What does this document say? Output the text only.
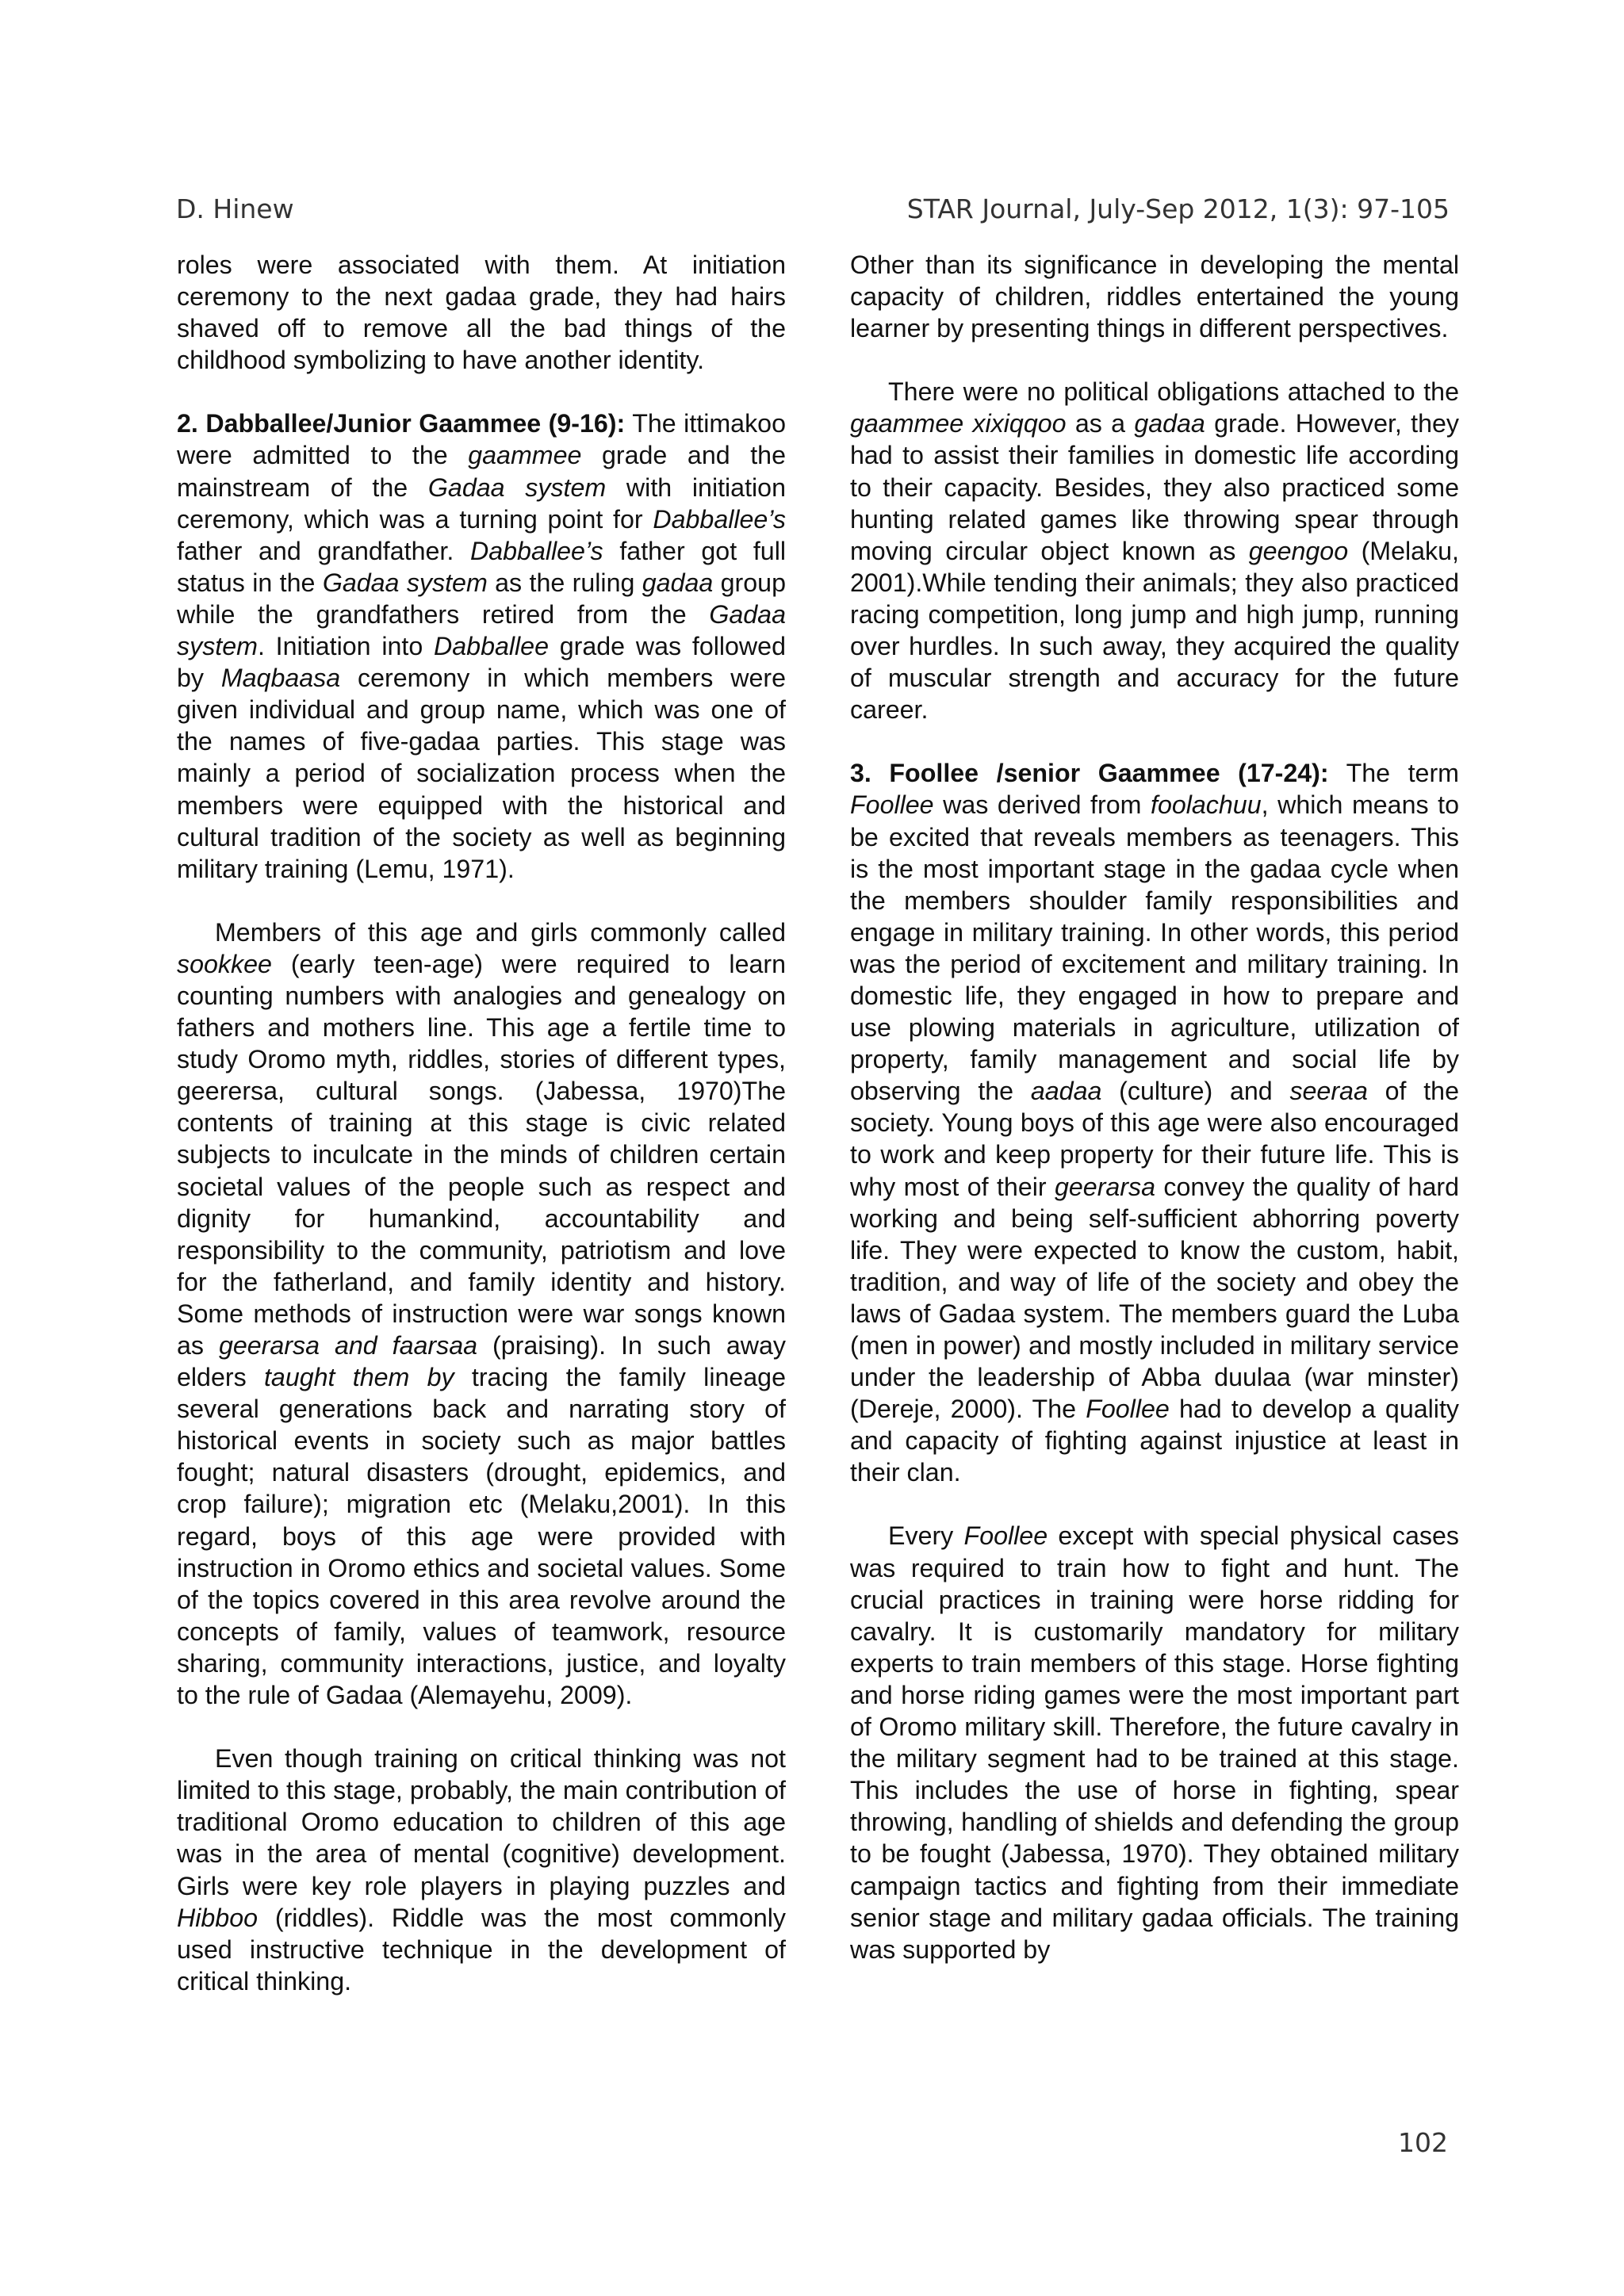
D. Hinew	STAR Journal, July-Sep 2012, 1(3): 97-105

roles were associated with them. At initiation ceremony to the next gadaa grade, they had hairs shaved off to remove all the bad things of the childhood symbolizing to have another identity.

2. Dabballee/Junior Gaammee (9-16): The ittimakoo were admitted to the gaammee grade and the mainstream of the Gadaa system with initiation ceremony, which was a turning point for Dabballee’s father and grandfather. Dabballee’s father got full status in the Gadaa system as the ruling gadaa group while the grandfathers retired from the Gadaa system. Initiation into Dabballee grade was followed by Maqbaasa ceremony in which members were given individual and group name, which was one of the names of five-gadaa parties. This stage was mainly a period of socialization process when the members were equipped with the historical and cultural tradition of the society as well as beginning military training (Lemu, 1971).

Members of this age and girls commonly called sookkee (early teen-age) were required to learn counting numbers with analogies and genealogy on fathers and mothers line. This age a fertile time to study Oromo myth, riddles, stories of different types, geerersa, cultural songs. (Jabessa, 1970)The contents of training at this stage is civic related subjects to inculcate in the minds of children certain societal values of the people such as respect and dignity for humankind, accountability and responsibility to the community, patriotism and love for the fatherland, and family identity and history. Some methods of instruction were war songs known as geerarsa and faarsaa (praising). In such away elders taught them by tracing the family lineage several generations back and narrating story of historical events in society such as major battles fought; natural disasters (drought, epidemics, and crop failure); migration etc (Melaku,2001). In this regard, boys of this age were provided with instruction in Oromo ethics and societal values. Some of the topics covered in this area revolve around the concepts of family, values of teamwork, resource sharing, community interactions, justice, and loyalty to the rule of Gadaa (Alemayehu, 2009).

Even though training on critical thinking was not limited to this stage, probably, the main contribution of traditional Oromo education to children of this age was in the area of mental (cognitive) development. Girls were key role players in playing puzzles and Hibboo (riddles). Riddle was the most commonly used instructive technique in the development of critical thinking.

Other than its significance in developing the mental capacity of children, riddles entertained the young learner by presenting things in different perspectives.

There were no political obligations attached to the gaammee xixiqqoo as a gadaa grade. However, they had to assist their families in domestic life according to their capacity. Besides, they also practiced some hunting related games like throwing spear through moving circular object known as geengoo (Melaku, 2001).While tending their animals; they also practiced racing competition, long jump and high jump, running over hurdles. In such away, they acquired the quality of muscular strength and accuracy for the future career.

3. Foollee /senior Gaammee (17-24): The term Foollee was derived from foolachuu, which means to be excited that reveals members as teenagers. This is the most important stage in the gadaa cycle when the members shoulder family responsibilities and engage in military training. In other words, this period was the period of excitement and military training. In domestic life, they engaged in how to prepare and use plowing materials in agriculture, utilization of property, family management and social life by observing the aadaa (culture) and seeraa of the society. Young boys of this age were also encouraged to work and keep property for their future life. This is why most of their geerarsa convey the quality of hard working and being self-sufficient abhorring poverty life. They were expected to know the custom, habit, tradition, and way of life of the society and obey the laws of Gadaa system. The members guard the Luba (men in power) and mostly included in military service under the leadership of Abba duulaa (war minster) (Dereje, 2000). The Foollee had to develop a quality and capacity of fighting against injustice at least in their clan.

Every Foollee except with special physical cases was required to train how to fight and hunt. The crucial practices in training were horse ridding for cavalry. It is customarily mandatory for military experts to train members of this stage. Horse fighting and horse riding games were the most important part of Oromo military skill. Therefore, the future cavalry in the military segment had to be trained at this stage. This includes the use of horse in fighting, spear throwing, handling of shields and defending the group to be fought (Jabessa, 1970). They obtained military campaign tactics and fighting from their immediate senior stage and military gadaa officials. The training was supported by

102
